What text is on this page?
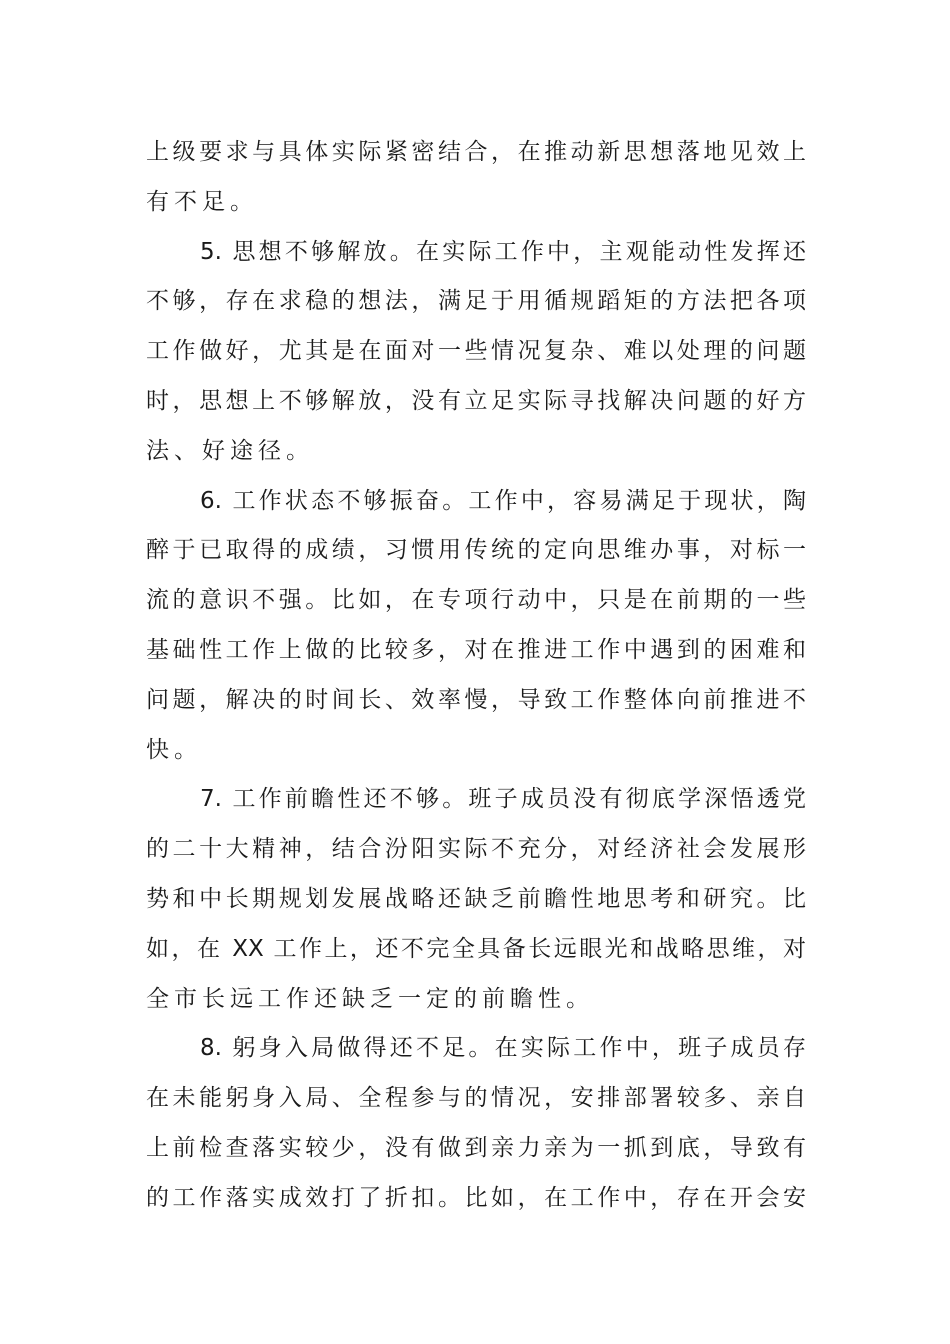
上级要求与具体实际紧密结合，在推动新思想落地见效上
有不足。
5. 思想不够解放。在实际工作中，主观能动性发挥还
不够，存在求稳的想法，满足于用循规蹈矩的方法把各项
工作做好，尤其是在面对一些情况复杂、难以处理的问题
时，思想上不够解放，没有立足实际寻找解决问题的好方
法、好途径。
6. 工作状态不够振奋。工作中，容易满足于现状，陶
醉于已取得的成绩，习惯用传统的定向思维办事，对标一
流的意识不强。比如，在专项行动中，只是在前期的一些
基础性工作上做的比较多，对在推进工作中遇到的困难和
问题，解决的时间长、效率慢，导致工作整体向前推进不
快。
7. 工作前瞻性还不够。班子成员没有彻底学深悟透党
的二十大精神，结合汾阳实际不充分，对经济社会发展形
势和中长期规划发展战略还缺乏前瞻性地思考和研究。比
如，在 XX 工作上，还不完全具备长远眼光和战略思维，对
全市长远工作还缺乏一定的前瞻性。
8. 躬身入局做得还不足。在实际工作中，班子成员存
在未能躬身入局、全程参与的情况，安排部署较多、亲自
上前检查落实较少，没有做到亲力亲为一抓到底，导致有
的工作落实成效打了折扣。比如，在工作中，存在开会安
